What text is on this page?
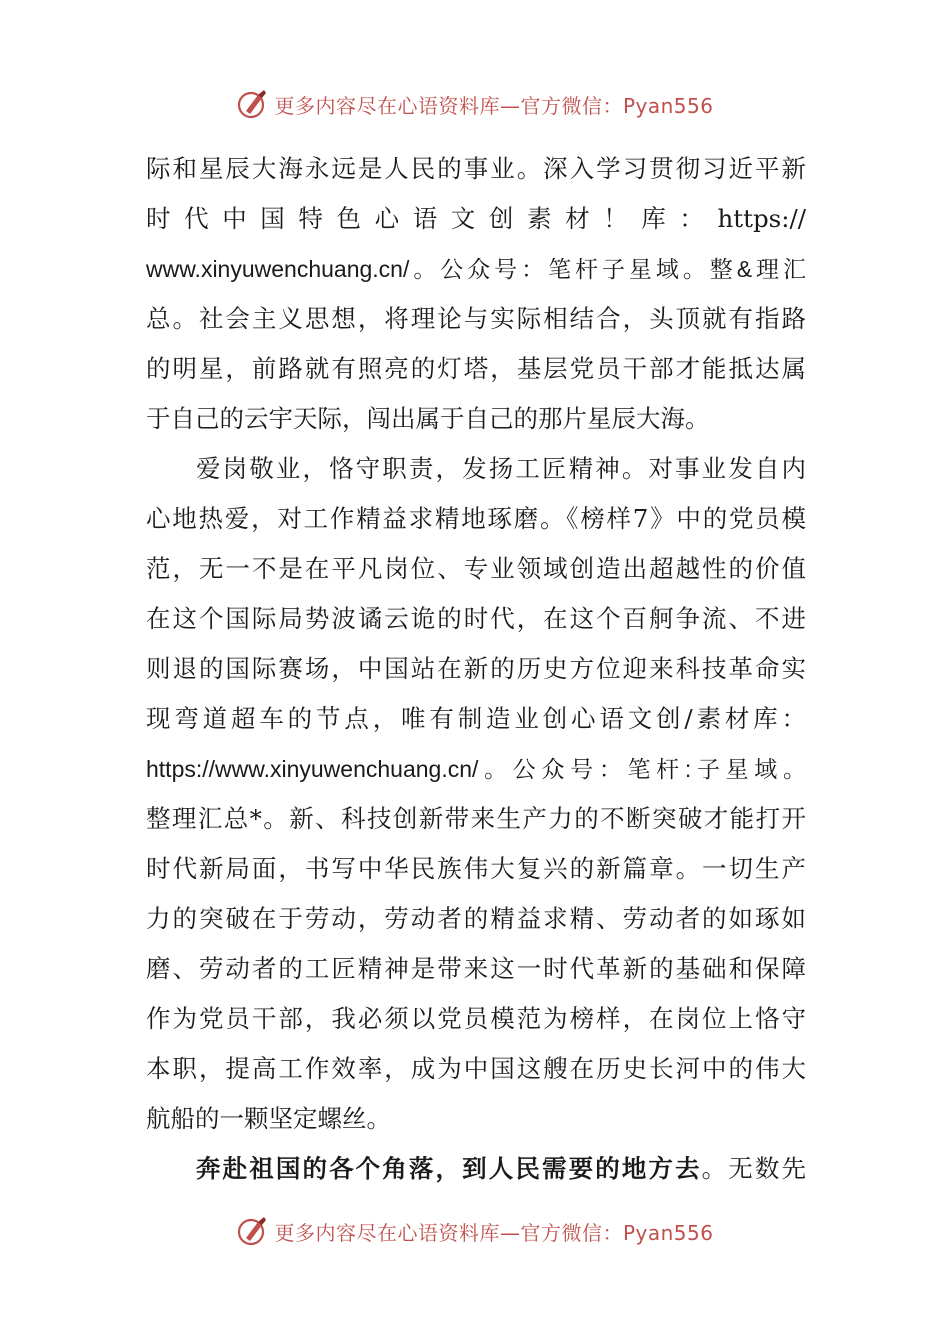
更多内容尽在心语资料库—官方微信：Pyan556
际和星辰大海永远是人民的事业。深入学习贯彻习近平新
时代中国特色心语文创素材！库：https://
www.xinyuwenchuang.cn/。公众号：笔杆子星域。整&理汇
总。社会主义思想，将理论与实际相结合，头顶就有指路
的明星，前路就有照亮的灯塔，基层党员干部才能抵达属
于自己的云宇天际，闯出属于自己的那片星辰大海。
爱岗敬业，恪守职责，发扬工匠精神。对事业发自内
心地热爱，对工作精益求精地琢磨。《榜样7》中的党员模
范，无一不是在平凡岗位、专业领域创造出超越性的价值
在这个国际局势波谲云诡的时代，在这个百舸争流、不进
则退的国际赛场，中国站在新的历史方位迎来科技革命实
现弯道超车的节点，唯有制造业创心语文创/素材库：
https://www.xinyuwenchuang.cn/。公众号：笔杆:子星域。
整理汇总*。新、科技创新带来生产力的不断突破才能打开
时代新局面，书写中华民族伟大复兴的新篇章。一切生产
力的突破在于劳动，劳动者的精益求精、劳动者的如琢如
磨、劳动者的工匠精神是带来这一时代革新的基础和保障
作为党员干部，我必须以党员模范为榜样，在岗位上恪守
本职，提高工作效率，成为中国这艘在历史长河中的伟大
航船的一颗坚定螺丝。
奔赴祖国的各个角落，到人民需要的地方去。无数先
更多内容尽在心语资料库—官方微信：Pyan556
